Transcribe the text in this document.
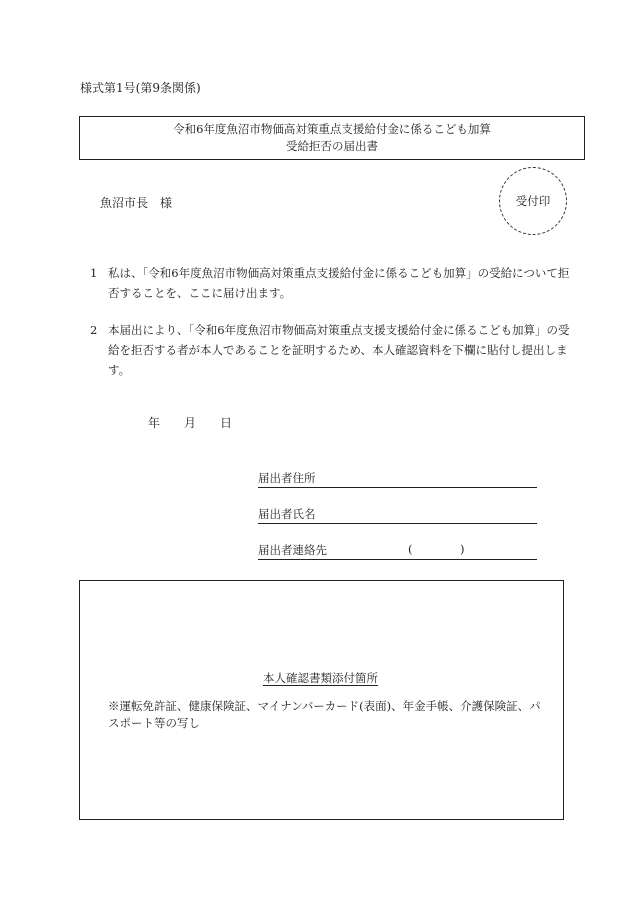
様式第1号(第9条関係)
令和6年度魚沼市物価高対策重点支援給付金に係るこども加算
受給拒否の届出書
魚沼市長　様	受付印
1 私は、「令和6年度魚沼市物価高対策重点支援給付金に係るこども加算」の受給について拒否することを、ここに届け出ます。
2 本届出により、「令和6年度魚沼市物価高対策重点支援支援給付金に係るこども加算」の受給を拒否する者が本人であることを証明するため、本人確認資料を下欄に貼付し提出します。
年 月 日
届出者住所
届出者氏名
届出者連絡先	(	)
本人確認書類添付箇所
※運転免許証、健康保険証、マイナンバーカード(表面)、年金手帳、介護保険証、パスポート等の写し
